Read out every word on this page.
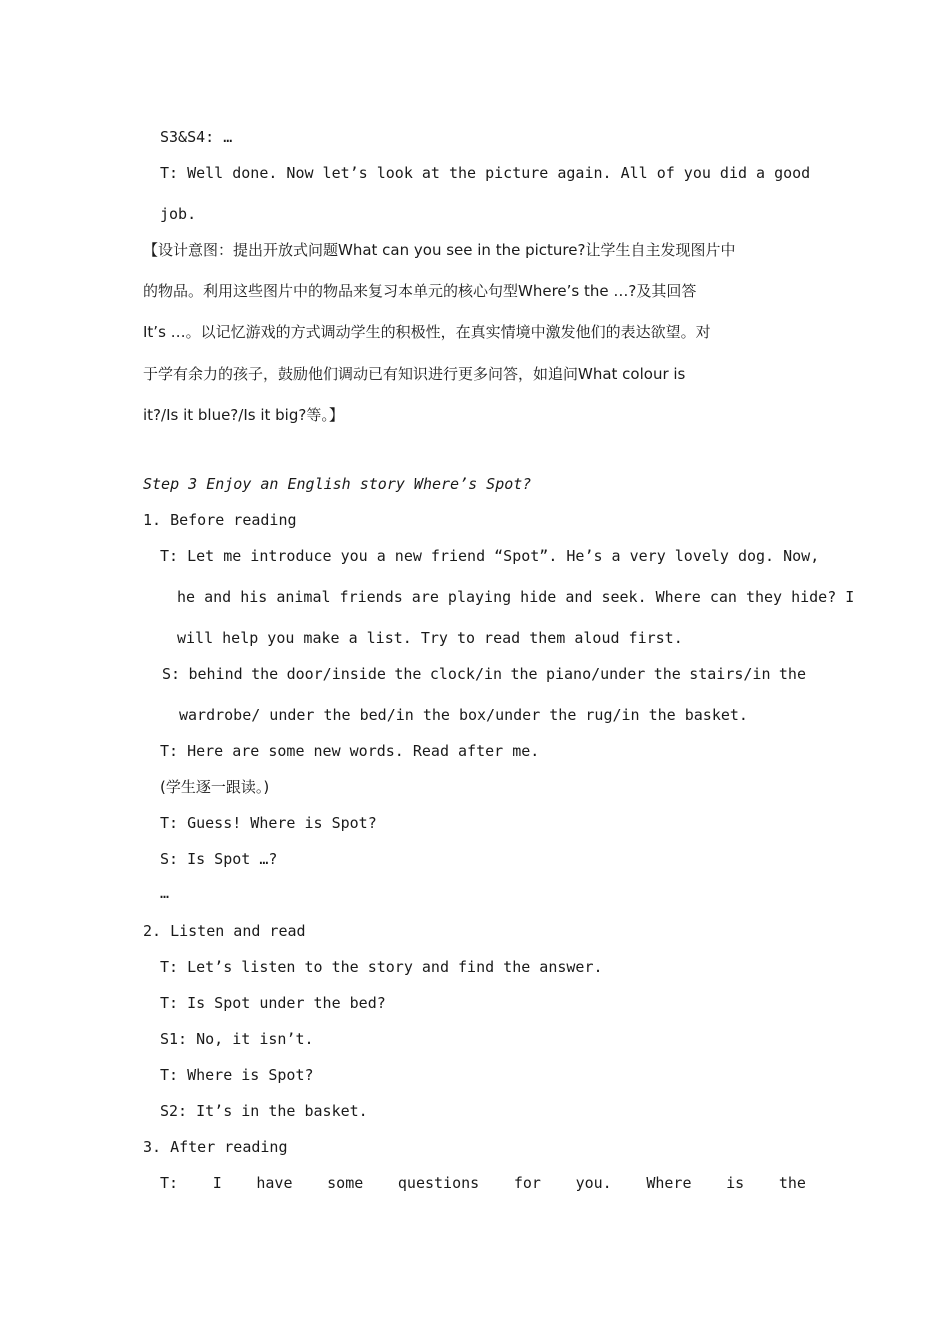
S3&S4: …
T: Well done. Now let’s look at the picture again. All of you did a good
job.
【设计意图：提出开放式问题What can you see in the picture?让学生自主发现图片中
的物品。利用这些图片中的物品来复习本单元的核心句型Where’s the …?及其回答
It’s …。以记忆游戏的方式调动学生的积极性，在真实情境中激发他们的表达欲望。对
于学有余力的孩子，鼓励他们调动已有知识进行更多问答，如追问What colour is
it?/Is it blue?/Is it big?等。】
Step 3 Enjoy an English story Where’s Spot?
1. Before reading
T: Let me introduce you a new friend “Spot”. He’s a very lovely dog. Now,
he and his animal friends are playing hide and seek. Where can they hide? I
will help you make a list. Try to read them aloud first.
S: behind the door/inside the clock/in the piano/under the stairs/in the
wardrobe/ under the bed/in the box/under the rug/in the basket.
T: Here are some new words. Read after me.
(学生逐一跟读。)
T: Guess! Where is Spot?
S: Is Spot …?
…
2. Listen and read
T: Let’s listen to the story and find the answer.
T: Is Spot under the bed?
S1: No, it isn’t.
T: Where is Spot?
S2: It’s in the basket.
3. After reading
T: I have some questions for you. Where is the
